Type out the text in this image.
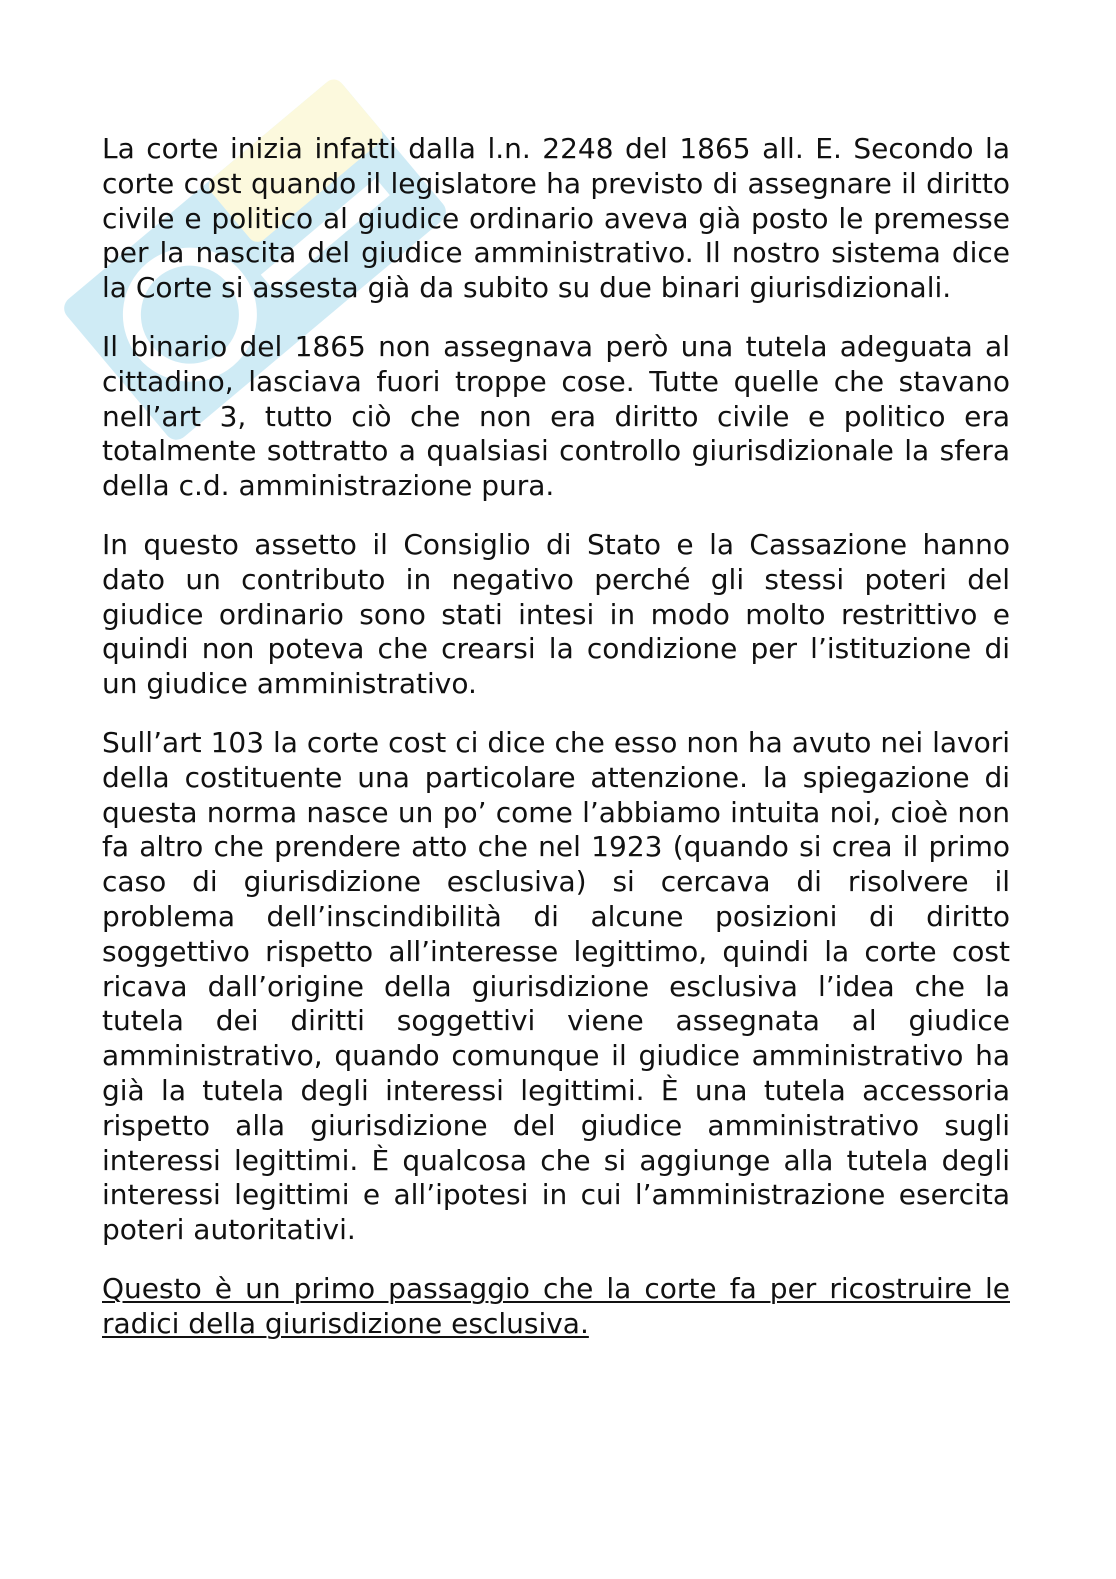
La corte inizia infatti dalla l.n. 2248 del 1865 all. E. Secondo la corte cost quando il legislatore ha previsto di assegnare il diritto civile e politico al giudice ordinario aveva già posto le premesse per la nascita del giudice amministrativo. Il nostro sistema dice la Corte si assesta già da subito su due binari giurisdizionali.

Il binario del 1865 non assegnava però una tutela adeguata al cittadino, lasciava fuori troppe cose. Tutte quelle che stavano nell’art 3, tutto ciò che non era diritto civile e politico era totalmente sottratto a qualsiasi controllo giurisdizionale la sfera della c.d. amministrazione pura.

In questo assetto il Consiglio di Stato e la Cassazione hanno dato un contributo in negativo perché gli stessi poteri del giudice ordinario sono stati intesi in modo molto restrittivo e quindi non poteva che crearsi la condizione per l’istituzione di un giudice amministrativo.

Sull’art 103 la corte cost ci dice che esso non ha avuto nei lavori della costituente una particolare attenzione. la spiegazione di questa norma nasce un po’ come l’abbiamo intuita noi, cioè non fa altro che prendere atto che nel 1923 (quando si crea il primo caso di giurisdizione esclusiva) si cercava di risolvere il problema dell’inscindibilità di alcune posizioni di diritto soggettivo rispetto all’interesse legittimo, quindi la corte cost ricava dall’origine della giurisdizione esclusiva l’idea che la tutela dei diritti soggettivi viene assegnata al giudice amministrativo, quando comunque il giudice amministrativo ha già la tutela degli interessi legittimi. È una tutela accessoria rispetto alla giurisdizione del giudice amministrativo sugli interessi legittimi. È qualcosa che si aggiunge alla tutela degli interessi legittimi e all’ipotesi in cui l’amministrazione esercita poteri autoritativi.

Questo è un primo passaggio che la corte fa per ricostruire le radici della giurisdizione esclusiva.
